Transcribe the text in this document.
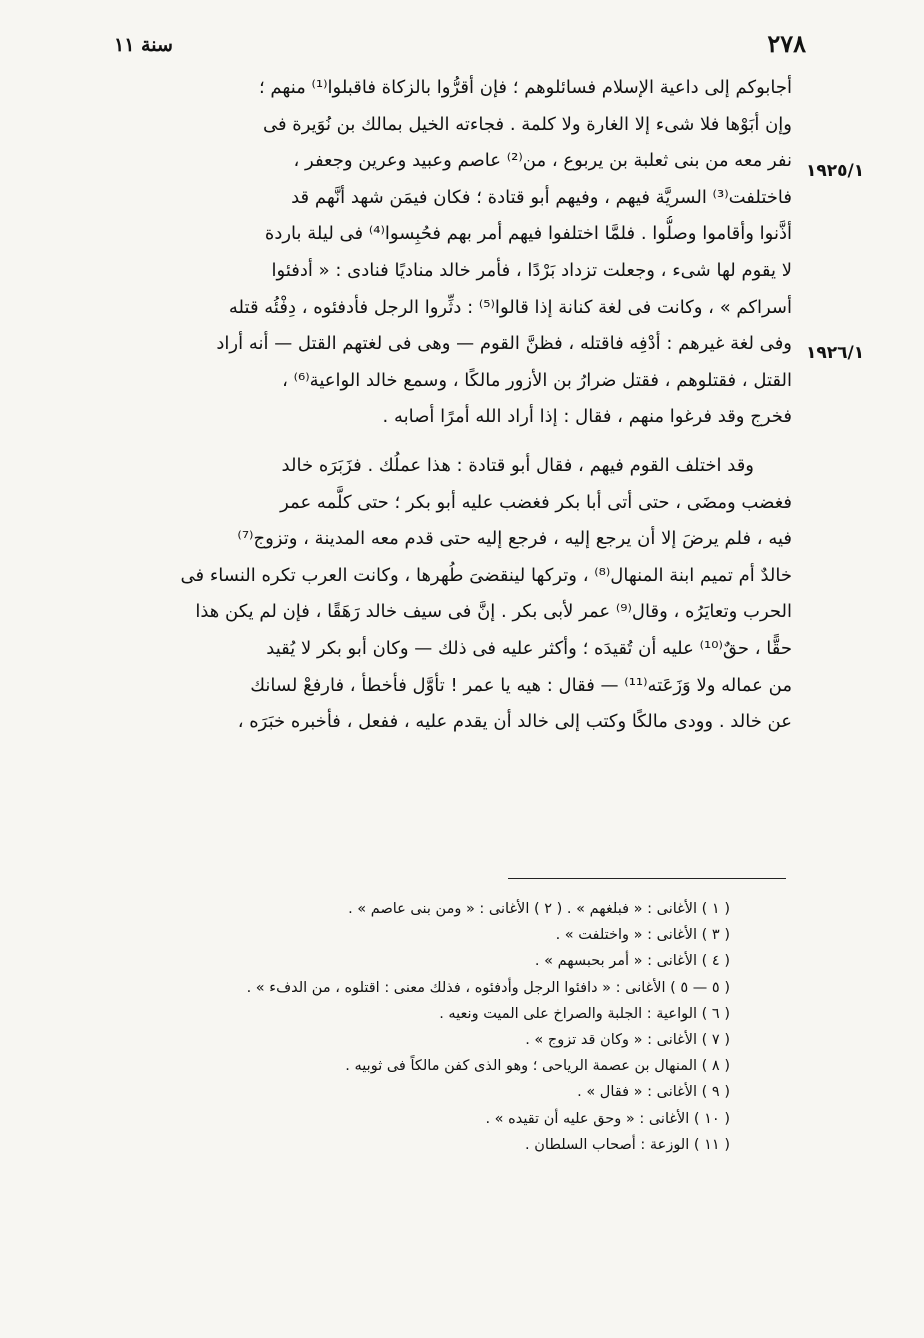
٢٧٨
سنة ١١
١٩٢٥/١
١٩٢٦/١
أجابوكم إلى داعية الإسلام فسائلوهم ؛ فإن أقرُّوا بالزكاة فاقبلوا⁽¹⁾ منهم ؛
وإن أبَوْها فلا شىء إلا الغارة ولا كلمة . فجاءته الخيل بمالك بن نُوَيرة فى
نفر معه من بنى ثعلبة بن يربوع ، من⁽²⁾ عاصم وعبيد وعرين وجعفر ،
فاختلفت⁽³⁾ السريَّة فيهم ، وفيهم أبو قتادة ؛ فكان فيمَن شهد أنَّهم قد
أذَّنوا وأقاموا وصلُّوا . فلمَّا اختلفوا فيهم أمر بهم فحُبِسوا⁽⁴⁾ فى ليلة باردة
لا يقوم لها شىء ، وجعلت تزداد بَرْدًا ، فأمر خالد مناديًا فنادى : « أدفئوا
أسراكم » ، وكانت فى لغة كنانة إذا قالوا⁽⁵⁾ : دثِّروا الرجل فأدفئوه ، دِفْئُه قتله
وفى لغة غيرهم : أدْفِه فاقتله ، فظنَّ القوم — وهى فى لغتهم القتل — أنه أراد
القتل ، فقتلوهم ، فقتل ضرارُ بن الأزور مالكًا ، وسمع خالد الواعية⁽⁶⁾ ،
فخرج وقد فرغوا منهم ، فقال : إذا أراد الله أمرًا أصابه .
وقد اختلف القوم فيهم ، فقال أبو قتادة : هذا عملُك . فزَبَرَه خالد
فغضب ومضَى ، حتى أتى أبا بكر فغضب عليه أبو بكر ؛ حتى كلَّمه عمر
فيه ، فلم يرضَ إلا أن يرجع إليه ، فرجع إليه حتى قدم معه المدينة ، وتزوج⁽⁷⁾
خالدٌ أم تميم ابنة المنهال⁽⁸⁾ ، وتركها لينقضىَ طُهرها ، وكانت العرب تكره النساء فى
الحرب وتعايَرُه ، وقال⁽⁹⁾ عمر لأبى بكر . إنَّ فى سيف خالد رَهَقًا ، فإن لم يكن هذا
حقًّا ، حقٌ⁽¹⁰⁾ عليه أن تُقيدَه ؛ وأكثر عليه فى ذلك — وكان أبو بكر لا يُقيد
من عماله ولا وَزَعَته⁽¹¹⁾ — فقال : هيه يا عمر ! تأوَّل فأخطأ ، فارفعْ لسانك
عن خالد . وودى مالكًا وكتب إلى خالد أن يقدم عليه ، ففعل ، فأخبره خبَرَه ،
( ١ ) الأغانى : « فبلغهم » . ( ٢ ) الأغانى : « ومن بنى عاصم » .
( ٣ ) الأغانى : « واختلفت » .
( ٤ ) الأغانى : « أمر بحبسهم » .
( ٥ — ٥ ) الأغانى : « دافئوا الرجل وأدفئوه ، فذلك معنى : اقتلوه ، من الدفء » .
( ٦ ) الواعية : الجلبة والصراخ على الميت ونعيه .
( ٧ ) الأغانى : « وكان قد تزوج » .
( ٨ ) المنهال بن عصمة الرياحى ؛ وهو الذى كفن مالكاً فى ثوبيه .
( ٩ ) الأغانى : « فقال » .
( ١٠ ) الأغانى : « وحق عليه أن تقيده » .
( ١١ ) الوزعة : أصحاب السلطان .
